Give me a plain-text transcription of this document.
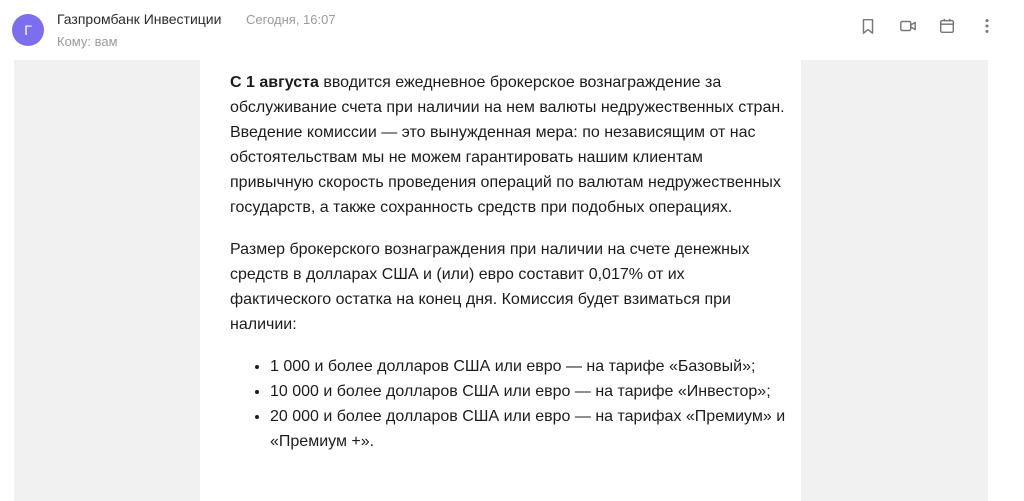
Г
Газпромбанк Инвестиции Сегодня, 16:07
Кому: вам

С 1 августа вводится ежедневное брокерское вознаграждение за обслуживание счета при наличии на нем валюты недружественных стран. Введение комиссии — это вынужденная мера: по независящим от нас обстоятельствам мы не можем гарантировать нашим клиентам привычную скорость проведения операций по валютам недружественных государств, а также сохранность средств при подобных операциях.

Размер брокерского вознаграждения при наличии на счете денежных средств в долларах США и (или) евро составит 0,017% от их фактического остатка на конец дня. Комиссия будет взиматься при наличии:

• 1 000 и более долларов США или евро — на тарифе «Базовый»;
• 10 000 и более долларов США или евро — на тарифе «Инвестор»;
• 20 000 и более долларов США или евро — на тарифах «Премиум» и «Премиум +».
